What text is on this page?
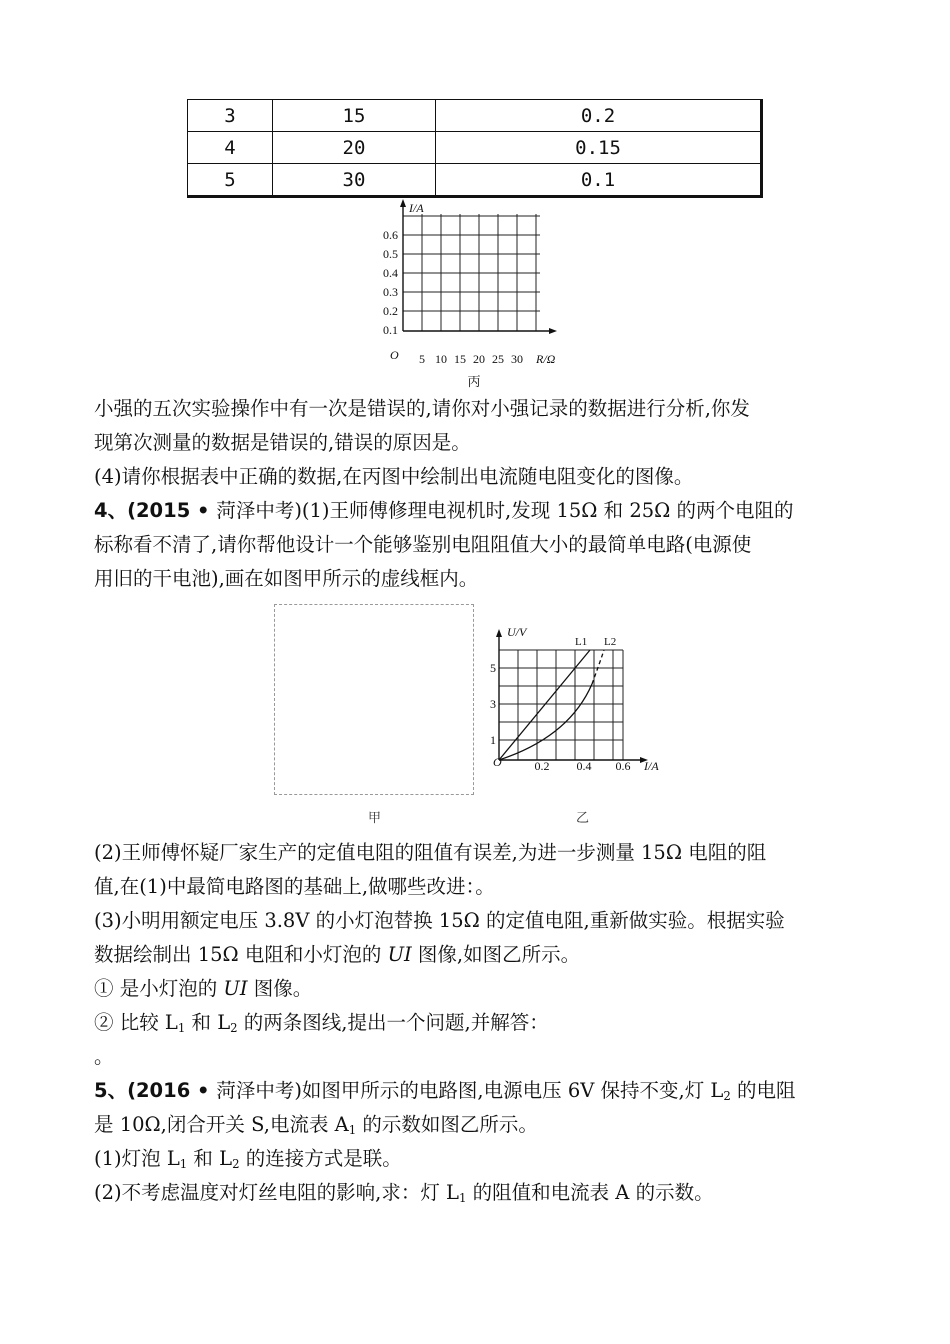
3	15	0.2
4	20	0.15
5	30	0.1
I/A
R/Ω
O
0.6
0.5
0.4
0.3
0.2
0.1
5 10 15 20 25 30
丙
小强的五次实验操作中有一次是错误的,请你对小强记录的数据进行分析,你发
现第次测量的数据是错误的,错误的原因是。
(4)请你根据表中正确的数据,在丙图中绘制出电流随电阻变化的图像。
4、(2015 • 菏泽中考)(1)王师傅修理电视机时,发现 15Ω 和 25Ω 的两个电阻的
标称看不清了,请你帮他设计一个能够鉴别电阻阻值大小的最简单电路(电源使
用旧的干电池),画在如图甲所示的虚线框内。
甲
U/V
I/A
O
L1 L2
5
3
1
0.2 0.4 0.6
乙
(2)王师傅怀疑厂家生产的定值电阻的阻值有误差,为进一步测量 15Ω 电阻的阻
值,在(1)中最简电路图的基础上,做哪些改进：。
(3)小明用额定电压 3.8V 的小灯泡替换 15Ω 的定值电阻,重新做实验。根据实验
数据绘制出 15Ω 电阻和小灯泡的 UI 图像,如图乙所示。
① 是小灯泡的 UI 图像。
② 比较 $L_1$ 和 $L_2$ 的两条图线,提出一个问题,并解答：
。
5、(2016 • 菏泽中考)如图甲所示的电路图,电源电压 6V 保持不变,灯 $L_2$ 的电阻
是 10Ω,闭合开关 S,电流表 $A_1$ 的示数如图乙所示。
(1)灯泡 $L_1$ 和 $L_2$ 的连接方式是联。
(2)不考虑温度对灯丝电阻的影响,求：灯 $L_1$ 的阻值和电流表 A 的示数。
